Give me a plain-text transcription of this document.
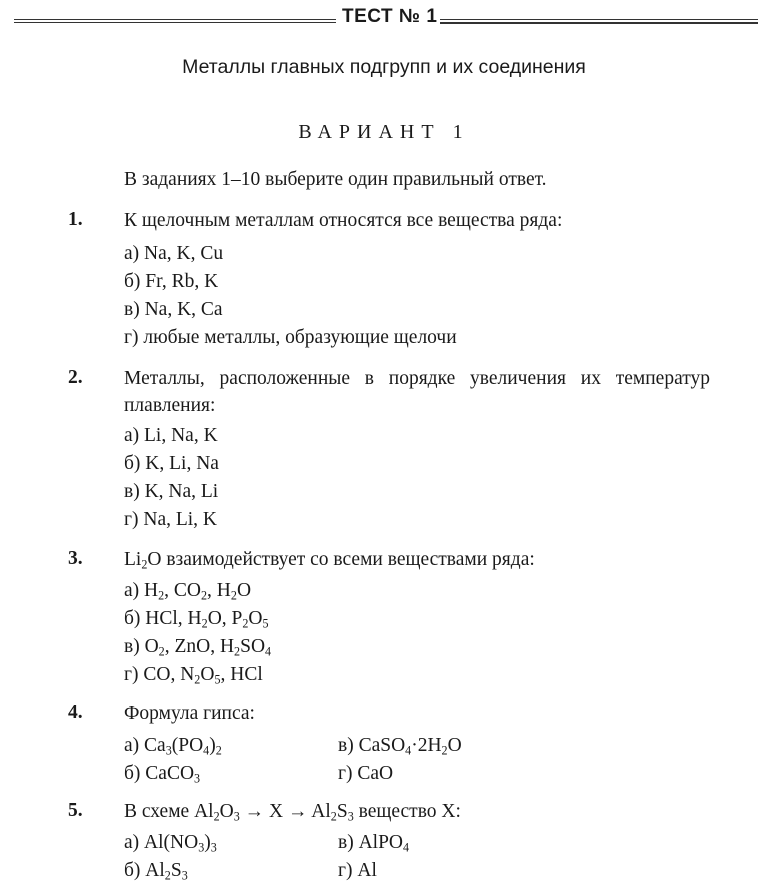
ТЕСТ № 1
Металлы главных подгрупп и их соединения
ВАРИАНТ 1
В заданиях 1–10 выберите один правильный ответ.
1. К щелочным металлам относятся все вещества ряда:
а) Na, K, Cu
б) Fr, Rb, K
в) Na, K, Ca
г) любые металлы, образующие щелочи
2. Металлы, расположенные в порядке увеличения их температур плавления:
а) Li, Na, K
б) K, Li, Na
в) K, Na, Li
г) Na, Li, K
3. $Li_2O$ взаимодействует со всеми веществами ряда:
а) $H_2$, $CO_2$, $H_2O$
б) HCl, $H_2O$, $P_2O_5$
в) $O_2$, ZnO, $H_2SO_4$
г) CO, $N_2O_5$, HCl
4. Формула гипса:
а) $Ca_3(PO_4)_2$	в) $CaSO_4\cdot 2H_2O$
б) CaCO$_3$	г) CaO
5. В схеме $Al_2O_3 \to X \to Al_2S_3$ вещество X:
а) $Al(NO_3)_3$	в) AlPO$_4$
б) $Al_2S_3$	г) Al
